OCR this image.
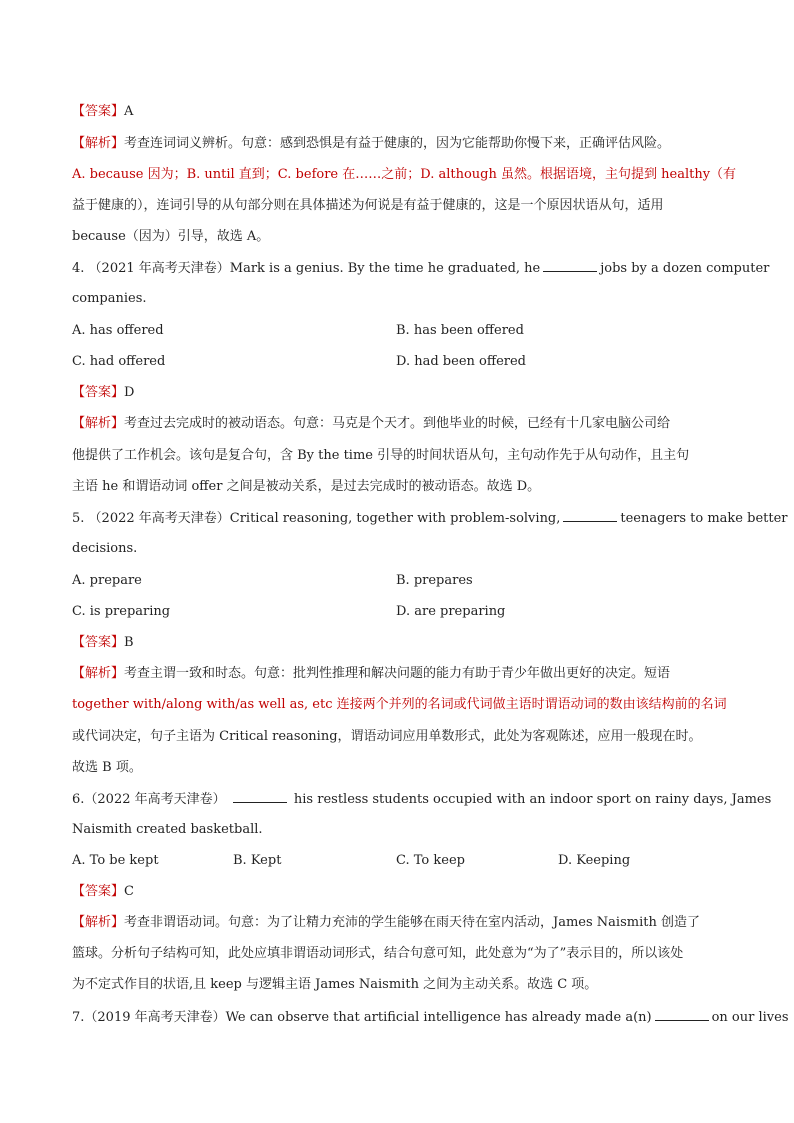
【答案】A
【解析】考查连词词义辨析。句意：感到恐惧是有益于健康的，因为它能帮助你慢下来，正确评估风险。
A. because 因为；B. until 直到；C. before 在……之前；D. although 虽然。根据语境，主句提到 healthy（有
益于健康的），连词引导的从句部分则在具体描述为何说是有益于健康的，这是一个原因状语从句，适用
because（因为）引导，故选 A。
4. （2021 年高考天津卷）Mark is a genius. By the time he graduated, he	jobs by a dozen computer
companies.
A. has offered	B. has been offered
C. had offered	D. had been offered
【答案】D
【解析】考查过去完成时的被动语态。句意：马克是个天才。到他毕业的时候，已经有十几家电脑公司给
他提供了工作机会。该句是复合句，含 By the time 引导的时间状语从句，主句动作先于从句动作，且主句
主语 he 和谓语动词 offer 之间是被动关系，是过去完成时的被动语态。故选 D。
5. （2022 年高考天津卷）Critical reasoning, together with problem-solving,	teenagers to make better
decisions.
A. prepare	B. prepares
C. is preparing	D. are preparing
【答案】B
【解析】考查主谓一致和时态。句意：批判性推理和解决问题的能力有助于青少年做出更好的决定。短语
together with/along with/as well as, etc 连接两个并列的名词或代词做主语时谓语动词的数由该结构前的名词
或代词决定，句子主语为 Critical reasoning，谓语动词应用单数形式，此处为客观陈述，应用一般现在时。
故选 B 项。
6.（2022 年高考天津卷）	his restless students occupied with an indoor sport on rainy days, James
Naismith created basketball.
A. To be kept	B. Kept	C. To keep	D. Keeping
【答案】C
【解析】考查非谓语动词。句意：为了让精力充沛的学生能够在雨天待在室内活动，James Naismith 创造了
篮球。分析句子结构可知，此处应填非谓语动词形式，结合句意可知，此处意为“为了”表示目的，所以该处
为不定式作目的状语,且 keep 与逻辑主语 James Naismith 之间为主动关系。故选 C 项。
7.（2019 年高考天津卷）We can observe that artificial intelligence has already made a(n)	on our lives
